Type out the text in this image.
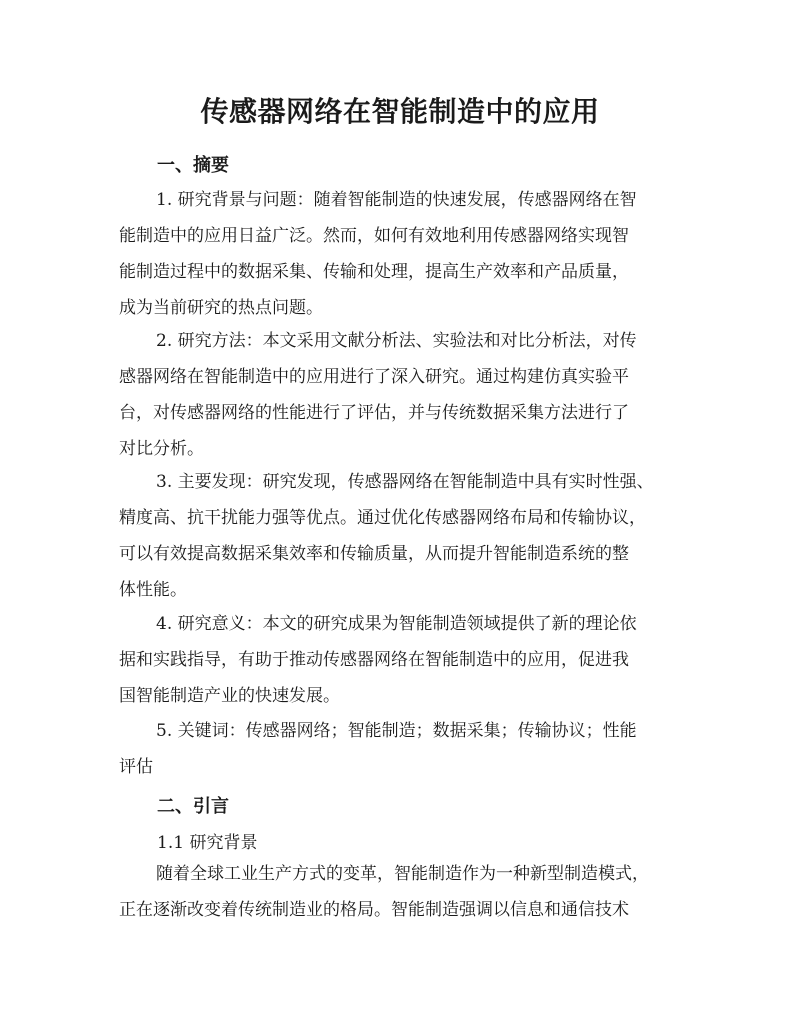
传感器网络在智能制造中的应用
一、摘要
1. 研究背景与问题：随着智能制造的快速发展，传感器网络在智
能制造中的应用日益广泛。然而，如何有效地利用传感器网络实现智
能制造过程中的数据采集、传输和处理，提高生产效率和产品质量，
成为当前研究的热点问题。
2. 研究方法：本文采用文献分析法、实验法和对比分析法，对传
感器网络在智能制造中的应用进行了深入研究。通过构建仿真实验平
台，对传感器网络的性能进行了评估，并与传统数据采集方法进行了
对比分析。
3. 主要发现：研究发现，传感器网络在智能制造中具有实时性强、
精度高、抗干扰能力强等优点。通过优化传感器网络布局和传输协议，
可以有效提高数据采集效率和传输质量，从而提升智能制造系统的整
体性能。
4. 研究意义：本文的研究成果为智能制造领域提供了新的理论依
据和实践指导，有助于推动传感器网络在智能制造中的应用，促进我
国智能制造产业的快速发展。
5. 关键词：传感器网络；智能制造；数据采集；传输协议；性能
评估
二、引言
1.1 研究背景
随着全球工业生产方式的变革，智能制造作为一种新型制造模式，
正在逐渐改变着传统制造业的格局。智能制造强调以信息和通信技术
